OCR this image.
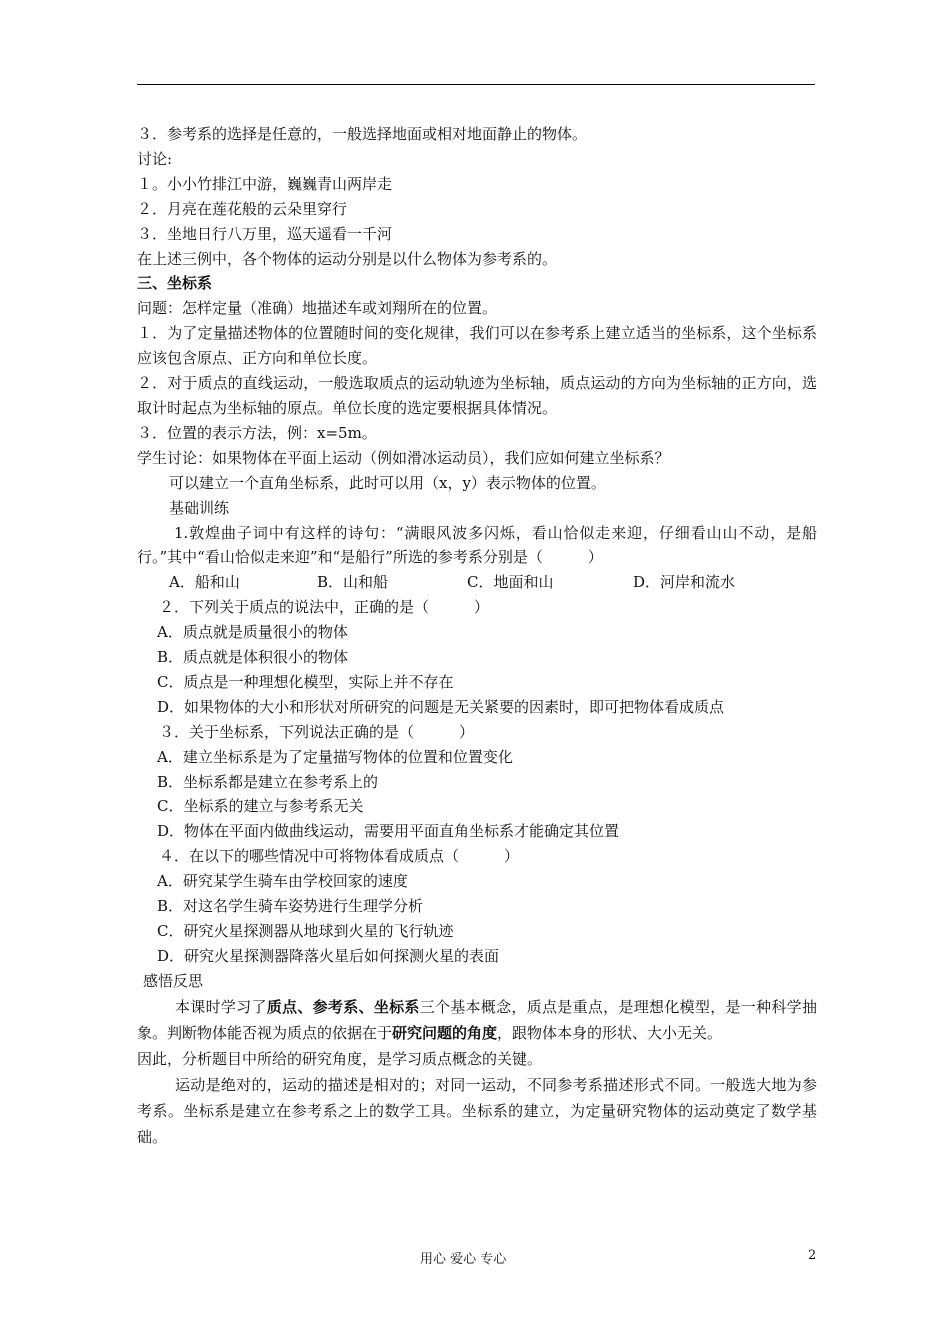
３．参考系的选择是任意的，一般选择地面或相对地面静止的物体。

讨论:

１。小小竹排江中游，巍巍青山两岸走

２．月亮在莲花般的云朵里穿行

３．坐地日行八万里，巡天遥看一千河

在上述三例中，各个物体的运动分别是以什么物体为参考系的。

三、坐标系

问题：怎样定量（准确）地描述车或刘翔所在的位置。

１．为了定量描述物体的位置随时间的变化规律，我们可以在参考系上建立适当的坐标系，这个坐标系应该包含原点、正方向和单位长度。

２．对于质点的直线运动，一般选取质点的运动轨迹为坐标轴，质点运动的方向为坐标轴的正方向，选取计时起点为坐标轴的原点。单位长度的选定要根据具体情况。

３．位置的表示方法，例：x=5m。

学生讨论：如果物体在平面上运动（例如滑冰运动员），我们应如何建立坐标系？

可以建立一个直角坐标系，此时可以用（x，y）表示物体的位置。

基础训练

1.敦煌曲子词中有这样的诗句：“满眼风波多闪烁，看山恰似走来迎，仔细看山山不动，是船行。”其中“看山恰似走来迎”和“是船行”所选的参考系分别是（　　　）

A．船和山	B．山和船	C．地面和山	D．河岸和流水

２．下列关于质点的说法中，正确的是（　　　）

A．质点就是质量很小的物体

B．质点就是体积很小的物体

C．质点是一种理想化模型，实际上并不存在

D．如果物体的大小和形状对所研究的问题是无关紧要的因素时，即可把物体看成质点

３．关于坐标系，下列说法正确的是（　　　）

A．建立坐标系是为了定量描写物体的位置和位置变化

B．坐标系都是建立在参考系上的

C．坐标系的建立与参考系无关

D．物体在平面内做曲线运动，需要用平面直角坐标系才能确定其位置

４．在以下的哪些情况中可将物体看成质点（　　　）

A．研究某学生骑车由学校回家的速度

B．对这名学生骑车姿势进行生理学分析

C．研究火星探测器从地球到火星的飞行轨迹

D．研究火星探测器降落火星后如何探测火星的表面

感悟反思

本课时学习了质点、参考系、坐标系三个基本概念，质点是重点，是理想化模型，是一种科学抽象。判断物体能否视为质点的依据在于研究问题的角度，跟物体本身的形状、大小无关。

因此，分析题目中所给的研究角度，是学习质点概念的关键。

运动是绝对的，运动的描述是相对的；对同一运动，不同参考系描述形式不同。一般选大地为参考系。坐标系是建立在参考系之上的数学工具。坐标系的建立，为定量研究物体的运动奠定了数学基础。

用心 爱心 专心	2
